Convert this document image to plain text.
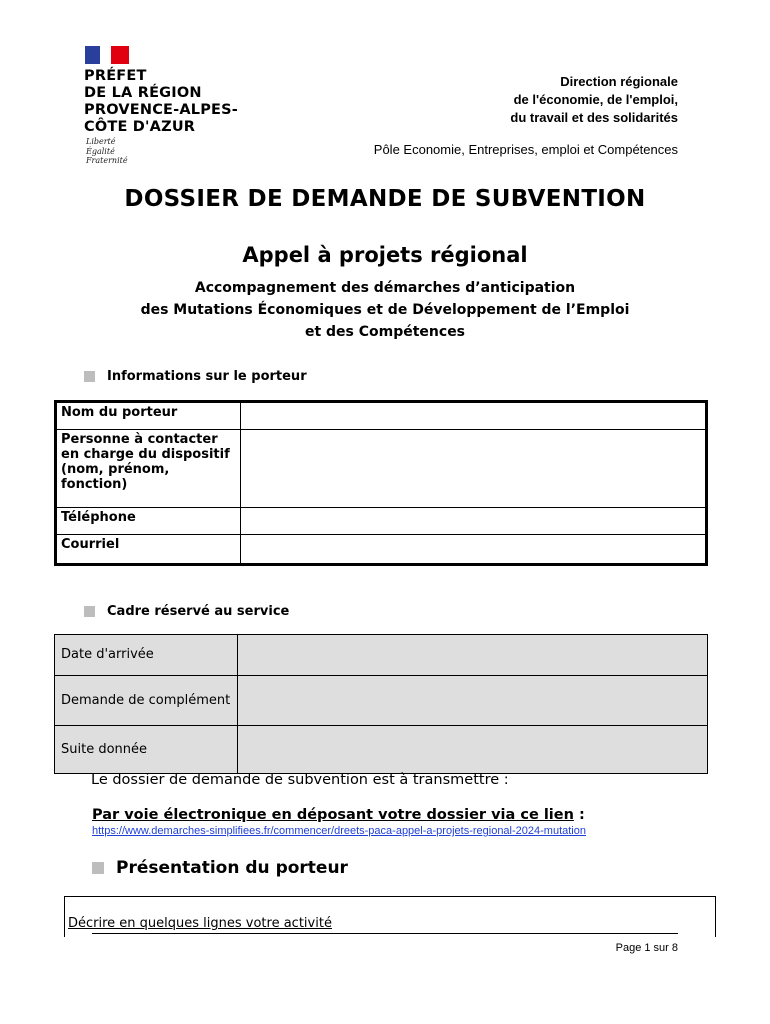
PRÉFET
DE LA RÉGION
PROVENCE-ALPES-
CÔTE D'AZUR
Liberté
Égalité
Fraternité
Direction régionale
de l'économie, de l'emploi,
du travail et des solidarités
Pôle Economie, Entreprises, emploi et Compétences
DOSSIER DE DEMANDE DE SUBVENTION
Appel à projets régional
Accompagnement des démarches d’anticipation
des Mutations Économiques et de Développement de l’Emploi
et des Compétences
Informations sur le porteur
Nom du porteur	
Personne à contacter en charge du dispositif (nom, prénom, fonction)	
Téléphone	
Courriel	
Cadre réservé au service
Date d'arrivée	
Demande de complément	
Suite donnée	
Le dossier de demande de subvention est à transmettre :
Par voie électronique en déposant votre dossier via ce lien :
https://www.demarches-simplifiees.fr/commencer/dreets-paca-appel-a-projets-regional-2024-mutation
Présentation du porteur
Décrire en quelques lignes votre activité
Page 1 sur 8
